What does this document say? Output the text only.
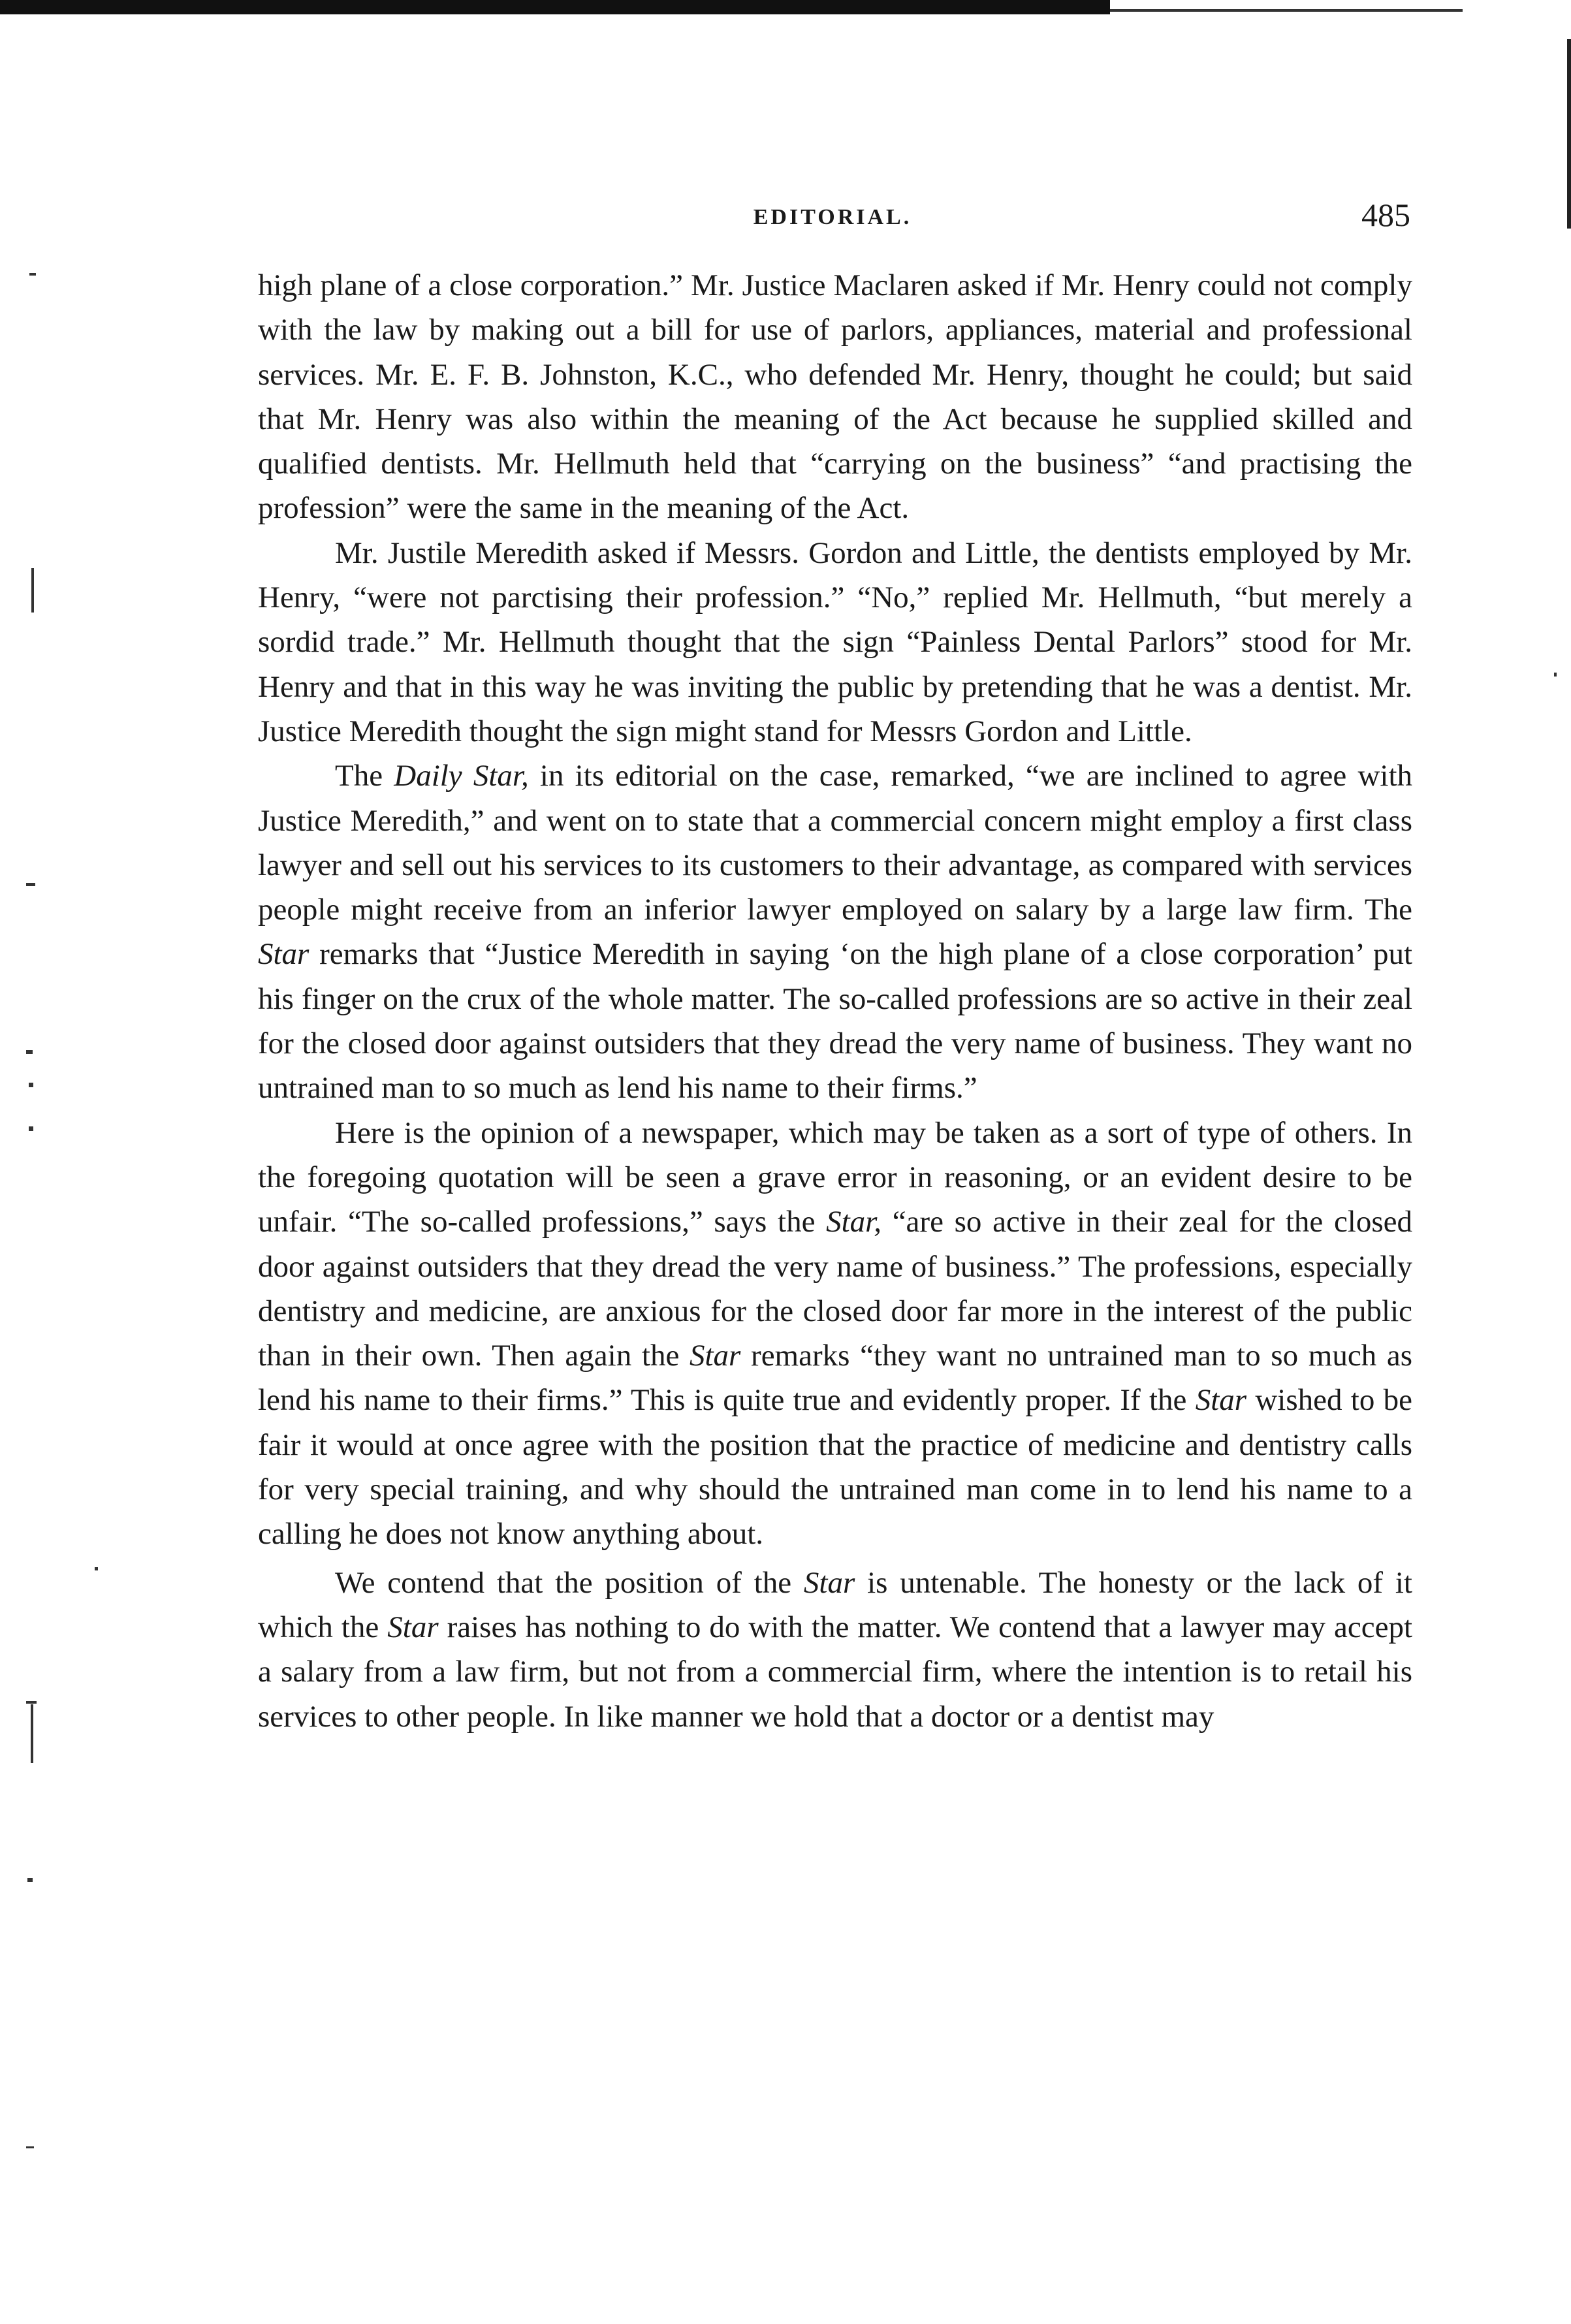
EDITORIAL.	485

high plane of a close corporation.” Mr. Justice Maclaren asked if Mr. Henry could not comply with the law by making out a bill for use of parlors, appliances, material and professional services. Mr. E. F. B. Johnston, K.C., who defended Mr. Henry, thought he could; but said that Mr. Henry was also within the meaning of the Act because he supplied skilled and qualified dentists. Mr. Hellmuth held that “carrying on the business” “and practising the profession” were the same in the meaning of the Act.

Mr. Justile Meredith asked if Messrs. Gordon and Little, the dentists employed by Mr. Henry, “were not parctising their profession.” “No,” replied Mr. Hellmuth, “but merely a sordid trade.” Mr. Hellmuth thought that the sign “Painless Dental Parlors” stood for Mr. Henry and that in this way he was inviting the public by pretending that he was a dentist. Mr. Justice Meredith thought the sign might stand for Messrs Gordon and Little.

The Daily Star, in its editorial on the case, remarked, “we are inclined to agree with Justice Meredith,” and went on to state that a commercial concern might employ a first class lawyer and sell out his services to its customers to their advantage, as compared with services people might receive from an inferior lawyer employed on salary by a large law firm. The Star remarks that “Justice Meredith in saying ‘on the high plane of a close corporation’ put his finger on the crux of the whole matter. The so-called professions are so active in their zeal for the closed door against outsiders that they dread the very name of business. They want no untrained man to so much as lend his name to their firms.”

Here is the opinion of a newspaper, which may be taken as a sort of type of others. In the foregoing quotation will be seen a grave error in reasoning, or an evident desire to be unfair. “The so-called professions,” says the Star, “are so active in their zeal for the closed door against outsiders that they dread the very name of business.” The professions, especially dentistry and medicine, are anxious for the closed door far more in the interest of the public than in their own. Then again the Star remarks “they want no untrained man to so much as lend his name to their firms.” This is quite true and evidently proper. If the Star wished to be fair it would at once agree with the position that the practice of medicine and dentistry calls for very special training, and why should the untrained man come in to lend his name to a calling he does not know anything about.

We contend that the position of the Star is untenable. The honesty or the lack of it which the Star raises has nothing to do with the matter. We contend that a lawyer may accept a salary from a law firm, but not from a commercial firm, where the intention is to retail his services to other people. In like manner we hold that a doctor or a dentist may
